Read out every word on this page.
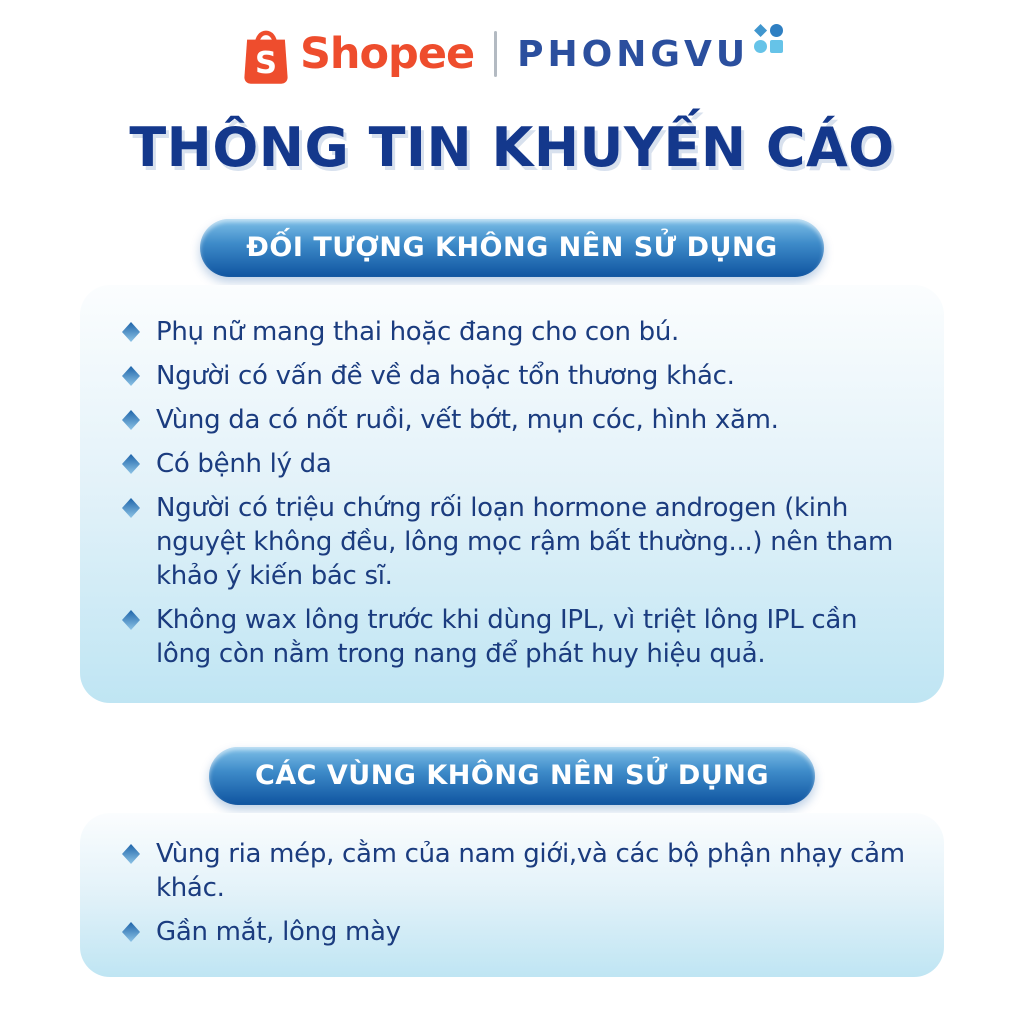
S Shopee PHONGVU
THÔNG TIN KHUYẾN CÁO
ĐỐI TƯỢNG KHÔNG NÊN SỬ DỤNG
Phụ nữ mang thai hoặc đang cho con bú.
Người có vấn đề về da hoặc tổn thương khác.
Vùng da có nốt ruồi, vết bớt, mụn cóc, hình xăm.
Có bệnh lý da
Người có triệu chứng rối loạn hormone androgen (kinh nguyệt không đều, lông mọc rậm bất thường...) nên tham khảo ý kiến bác sĩ.
Không wax lông trước khi dùng IPL, vì triệt lông IPL cần lông còn nằm trong nang để phát huy hiệu quả.
CÁC VÙNG KHÔNG NÊN SỬ DỤNG
Vùng ria mép, cằm của nam giới,và các bộ phận nhạy cảm khác.
Gần mắt, lông mày
